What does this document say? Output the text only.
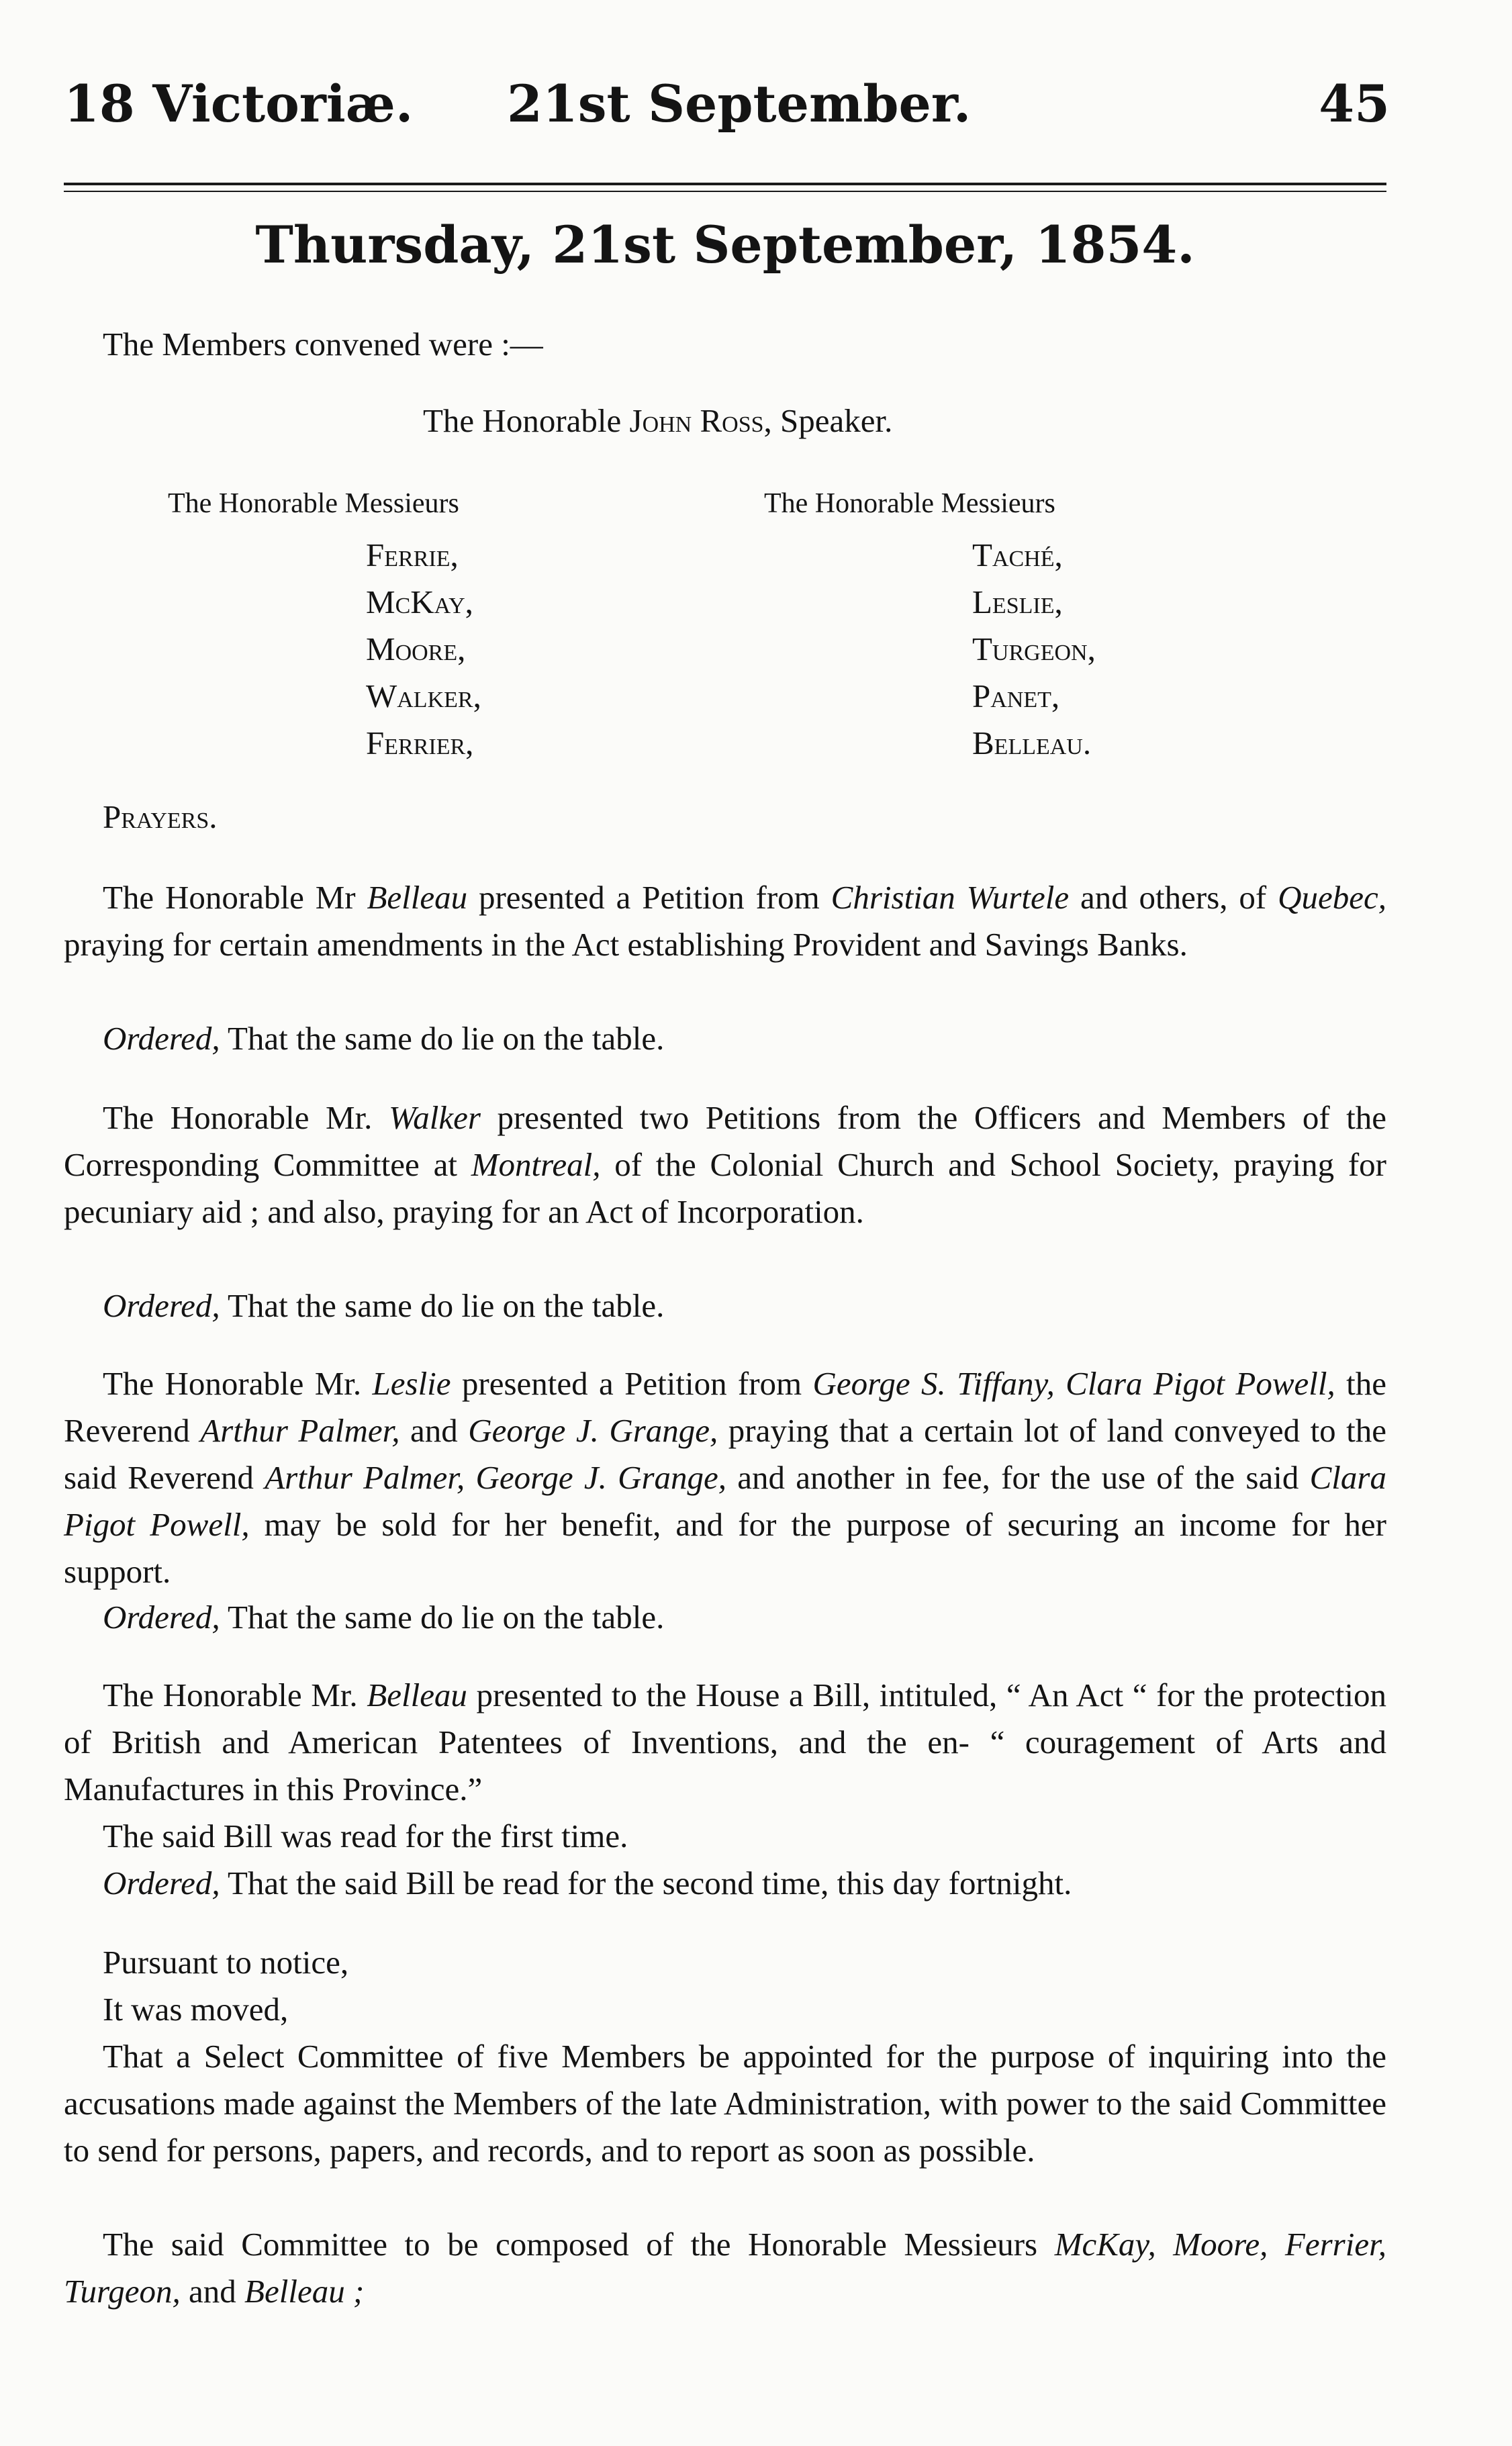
18 Victoriæ. 21st September.	45
Thursday, 21st September, 1854.
The Members convened were :—
The Honorable John Ross, Speaker.
The Honorable Messieurs	The Honorable Messieurs
Ferrie,
McKay,
Moore,
Walker,
Ferrier,
Taché,
Leslie,
Turgeon,
Panet,
Belleau.
Prayers.

The Honorable Mr Belleau presented a Petition from Christian Wurtele and others, of Quebec, praying for certain amendments in the Act establishing Provident and Savings Banks.

Ordered, That the same do lie on the table.

The Honorable Mr. Walker presented two Petitions from the Officers and Members of the Corresponding Committee at Montreal, of the Colonial Church and School Society, praying for pecuniary aid ; and also, praying for an Act of Incorporation.

Ordered, That the same do lie on the table.

The Honorable Mr. Leslie presented a Petition from George S. Tiffany, Clara Pigot Powell, the Reverend Arthur Palmer, and George J. Grange, praying that a certain lot of land conveyed to the said Reverend Arthur Palmer, George J. Grange, and another in fee, for the use of the said Clara Pigot Powell, may be sold for her benefit, and for the purpose of securing an income for her support.

Ordered, That the same do lie on the table.

The Honorable Mr. Belleau presented to the House a Bill, intituled, “ An Act “ for the protection of British and American Patentees of Inventions, and the en- “ couragement of Arts and Manufactures in this Province.”

The said Bill was read for the first time.
Ordered, That the said Bill be read for the second time, this day fortnight.
Pursuant to notice,
It was moved,

That a Select Committee of five Members be appointed for the purpose of inquiring into the accusations made against the Members of the late Administration, with power to the said Committee to send for persons, papers, and records, and to report as soon as possible.

The said Committee to be composed of the Honorable Messieurs McKay, Moore, Ferrier, Turgeon, and Belleau ;
